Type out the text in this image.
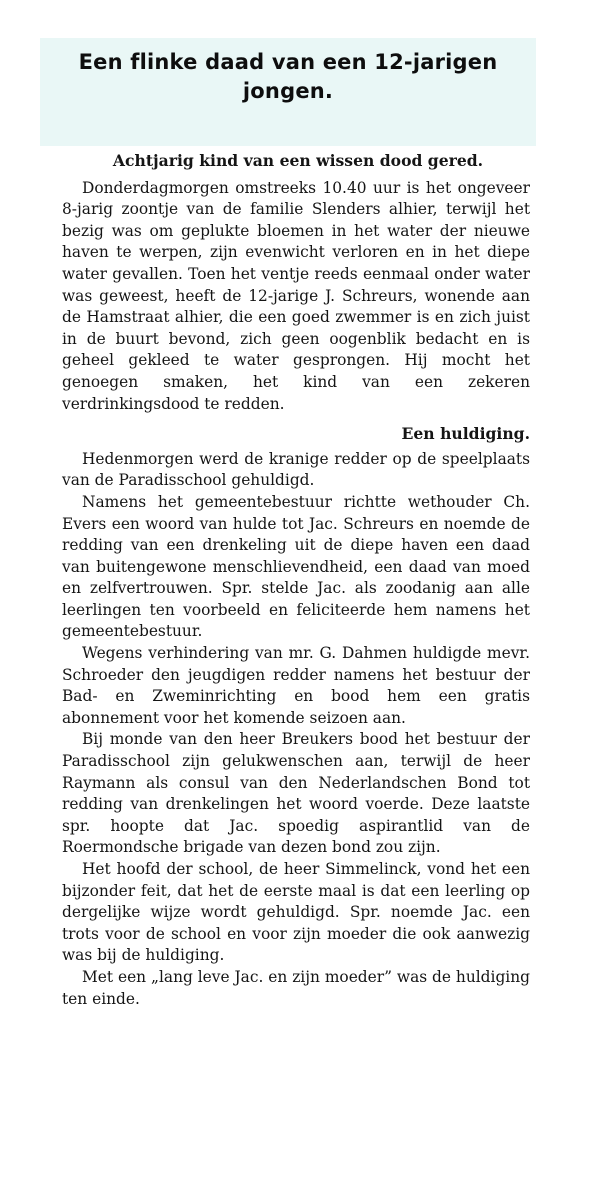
Een flinke daad van een 12-jarigen jongen.
Achtjarig kind van een wissen dood gered.

Donderdagmorgen omstreeks 10.40 uur is het ongeveer 8-jarig zoontje van de familie Slenders alhier, terwijl het bezig was om geplukte bloemen in het water der nieuwe haven te werpen, zijn evenwicht verloren en in het diepe water gevallen. Toen het ventje reeds eenmaal onder water was geweest, heeft de 12-jarige J. Schreurs, wonende aan de Hamstraat alhier, die een goed zwemmer is en zich juist in de buurt bevond, zich geen oogenblik bedacht en is geheel gekleed te water gesprongen. Hij mocht het genoegen smaken, het kind van een zekeren verdrinkingsdood te redden.

Een huldiging.

Hedenmorgen werd de kranige redder op de speelplaats van de Paradisschool gehuldigd.

Namens het gemeentebestuur richtte wethouder Ch. Evers een woord van hulde tot Jac. Schreurs en noemde de redding van een drenkeling uit de diepe haven een daad van buitengewone menschlievendheid, een daad van moed en zelfvertrouwen. Spr. stelde Jac. als zoodanig aan alle leerlingen ten voorbeeld en feliciteerde hem namens het gemeentebestuur.

Wegens verhindering van mr. G. Dahmen huldigde mevr. Schroeder den jeugdigen redder namens het bestuur der Bad- en Zweminrichting en bood hem een gratis abonnement voor het komende seizoen aan.

Bij monde van den heer Breukers bood het bestuur der Paradisschool zijn gelukwenschen aan, terwijl de heer Raymann als consul van den Nederlandschen Bond tot redding van drenkelingen het woord voerde. Deze laatste spr. hoopte dat Jac. spoedig aspirantlid van de Roermondsche brigade van dezen bond zou zijn.

Het hoofd der school, de heer Simmelinck, vond het een bijzonder feit, dat het de eerste maal is dat een leerling op dergelijke wijze wordt gehuldigd. Spr. noemde Jac. een trots voor de school en voor zijn moeder die ook aanwezig was bij de huldiging.

Met een „lang leve Jac. en zijn moeder” was de huldiging ten einde.
